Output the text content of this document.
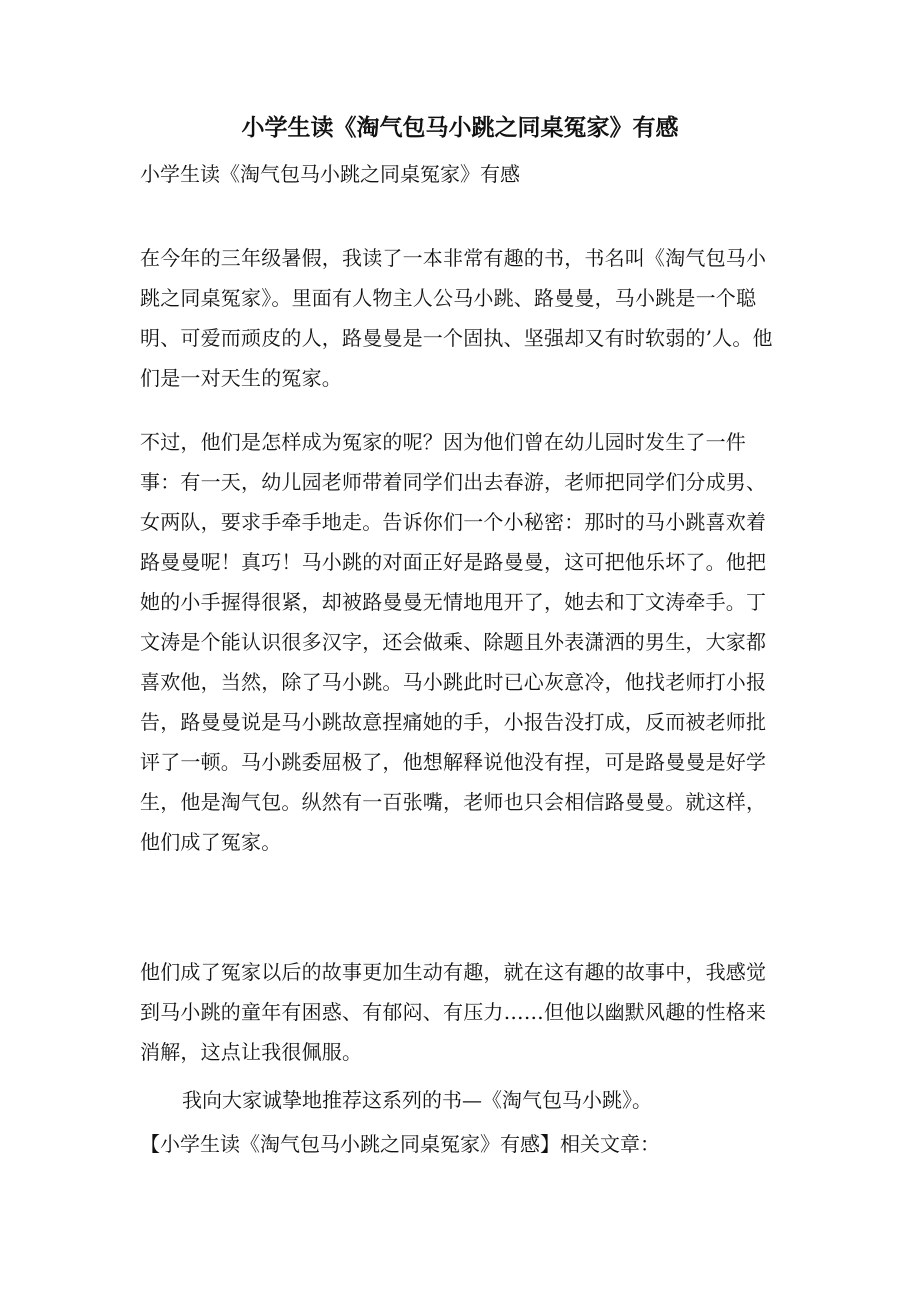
小学生读《淘气包马小跳之同桌冤家》有感

小学生读《淘气包马小跳之同桌冤家》有感

在今年的三年级暑假，我读了一本非常有趣的书，书名叫《淘气包马小跳之同桌冤家》。里面有人物主人公马小跳、路曼曼，马小跳是一个聪明、可爱而顽皮的人，路曼曼是一个固执、坚强却又有时软弱的’人。他们是一对天生的冤家。

不过，他们是怎样成为冤家的呢？因为他们曾在幼儿园时发生了一件事：有一天，幼儿园老师带着同学们出去春游，老师把同学们分成男、女两队，要求手牵手地走。告诉你们一个小秘密：那时的马小跳喜欢着路曼曼呢！真巧！马小跳的对面正好是路曼曼，这可把他乐坏了。他把她的小手握得很紧，却被路曼曼无情地甩开了，她去和丁文涛牵手。丁文涛是个能认识很多汉字，还会做乘、除题且外表潇洒的男生，大家都喜欢他，当然，除了马小跳。马小跳此时已心灰意冷，他找老师打小报告，路曼曼说是马小跳故意捏痛她的手，小报告没打成，反而被老师批评了一顿。马小跳委屈极了，他想解释说他没有捏，可是路曼曼是好学生，他是淘气包。纵然有一百张嘴，老师也只会相信路曼曼。就这样，他们成了冤家。

他们成了冤家以后的故事更加生动有趣，就在这有趣的故事中，我感觉到马小跳的童年有困惑、有郁闷、有压力……但他以幽默风趣的性格来消解，这点让我很佩服。

我向大家诚挚地推荐这系列的书—《淘气包马小跳》。

【小学生读《淘气包马小跳之同桌冤家》有感】相关文章：
